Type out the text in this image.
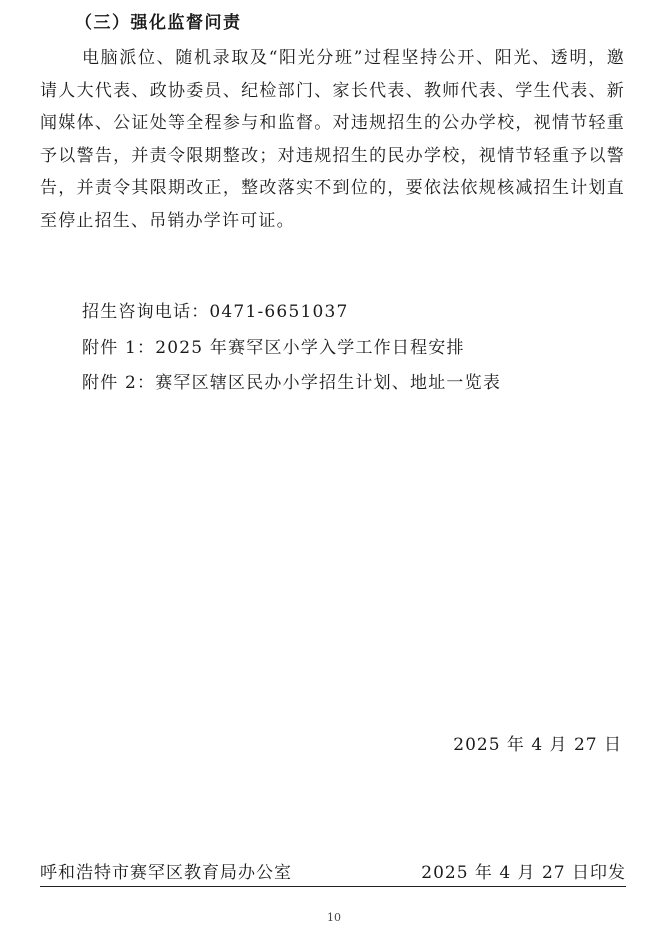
（三）强化监督问责

电脑派位、随机录取及“阳光分班”过程坚持公开、阳光、透明，邀请人大代表、政协委员、纪检部门、家长代表、教师代表、学生代表、新闻媒体、公证处等全程参与和监督。对违规招生的公办学校，视情节轻重予以警告，并责令限期整改；对违规招生的民办学校，视情节轻重予以警告，并责令其限期改正，整改落实不到位的，要依法依规核减招生计划直至停止招生、吊销办学许可证。

招生咨询电话：0471-6651037
附件 1：2025 年赛罕区小学入学工作日程安排
附件 2：赛罕区辖区民办小学招生计划、地址一览表
2025 年 4 月 27 日
呼和浩特市赛罕区教育局办公室	2025 年 4 月 27 日印发
10
